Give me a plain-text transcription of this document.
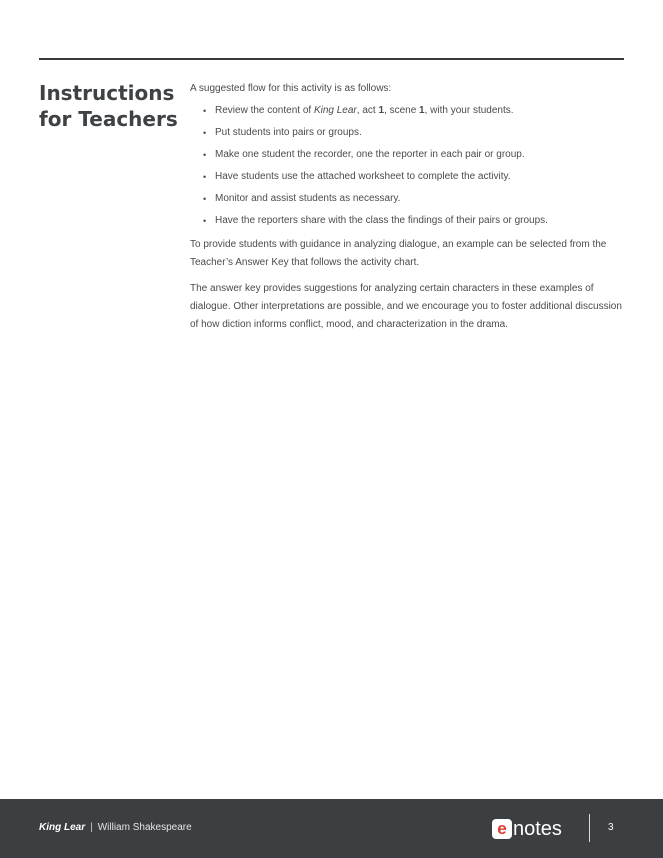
Instructions
for Teachers

A suggested flow for this activity is as follows:

• Review the content of King Lear, act 1, scene 1, with your students.
• Put students into pairs or groups.
• Make one student the recorder, one the reporter in each pair or group.
• Have students use the attached worksheet to complete the activity.
• Monitor and assist students as necessary.
• Have the reporters share with the class the findings of their pairs or groups.

To provide students with guidance in analyzing dialogue, an example can be selected from the Teacher’s Answer Key that follows the activity chart.

The answer key provides suggestions for analyzing certain characters in these examples of dialogue. Other interpretations are possible, and we encourage you to foster additional discussion of how diction informs conflict, mood, and characterization in the drama.

King Lear | William Shakespeare	e notes	3
